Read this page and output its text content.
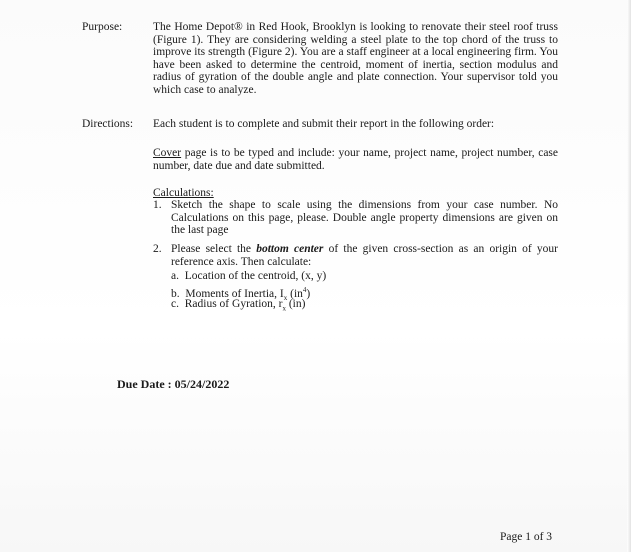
Purpose:	The Home Depot® in Red Hook, Brooklyn is looking to renovate their steel roof truss (Figure 1). They are considering welding a steel plate to the top chord of the truss to improve its strength (Figure 2). You are a staff engineer at a local engineering firm. You have been asked to determine the centroid, moment of inertia, section modulus and radius of gyration of the double angle and plate connection. Your supervisor told you which case to analyze.
Directions: Each student is to complete and submit their report in the following order:
Cover page is to be typed and include: your name, project name, project number, case number, date due and date submitted.
Calculations:
1. Sketch the shape to scale using the dimensions from your case number. No Calculations on this page, please. Double angle property dimensions are given on the last page
2. Please select the bottom center of the given cross-section as an origin of your reference axis. Then calculate:
a. Location of the centroid, (x, y)
b. Moments of Inertia, $I_x$ $(in^4)$
c. Radius of Gyration, $r_x$ (in)
Due Date : 05/24/2022
Page 1 of 3
